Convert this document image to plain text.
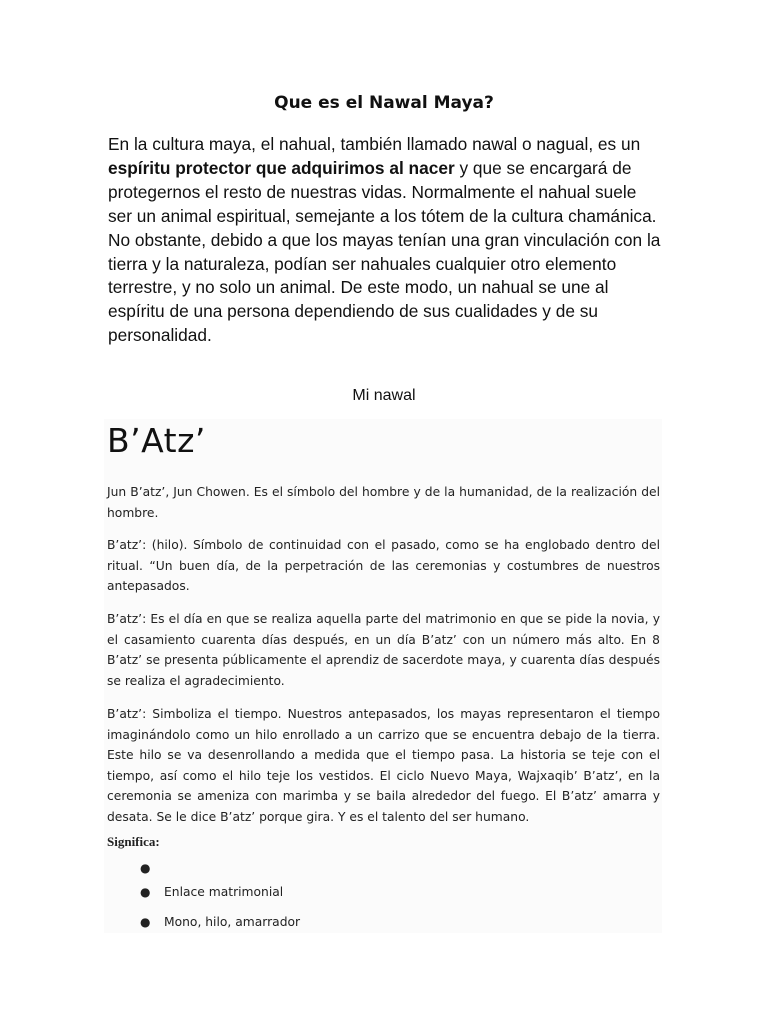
Que es el Nawal Maya?

En la cultura maya, el nahual, también llamado nawal o nagual, es un espíritu protector que adquirimos al nacer y que se encargará de protegernos el resto de nuestras vidas. Normalmente el nahual suele ser un animal espiritual, semejante a los tótem de la cultura chamánica. No obstante, debido a que los mayas tenían una gran vinculación con la tierra y la naturaleza, podían ser nahuales cualquier otro elemento terrestre, y no solo un animal. De este modo, un nahual se une al espíritu de una persona dependiendo de sus cualidades y de su personalidad.

Mi nawal
B’Atz’

Jun B’atz’, Jun Chowen. Es el símbolo del hombre y de la humanidad, de la realización del hombre.

B’atz’: (hilo). Símbolo de continuidad con el pasado, como se ha englobado dentro del ritual. “Un buen día, de la perpetración de las ceremonias y costumbres de nuestros antepasados.

B’atz’: Es el día en que se realiza aquella parte del matrimonio en que se pide la novia, y el casamiento cuarenta días después, en un día B’atz’ con un número más alto. En 8 B’atz’ se presenta públicamente el aprendiz de sacerdote maya, y cuarenta días después se realiza el agradecimiento.

B’atz’: Simboliza el tiempo. Nuestros antepasados, los mayas representaron el tiempo imaginándolo como un hilo enrollado a un carrizo que se encuentra debajo de la tierra. Este hilo se va desenrollando a medida que el tiempo pasa. La historia se teje con el tiempo, así como el hilo teje los vestidos. El ciclo Nuevo Maya, Wajxaqib’ B’atz’, en la ceremonia se ameniza con marimba y se baila alrededor del fuego. El B’atz’ amarra y desata. Se le dice B’atz’ porque gira. Y es el talento del ser humano.

Significa:

●
● Enlace matrimonial
● Mono, hilo, amarrador
